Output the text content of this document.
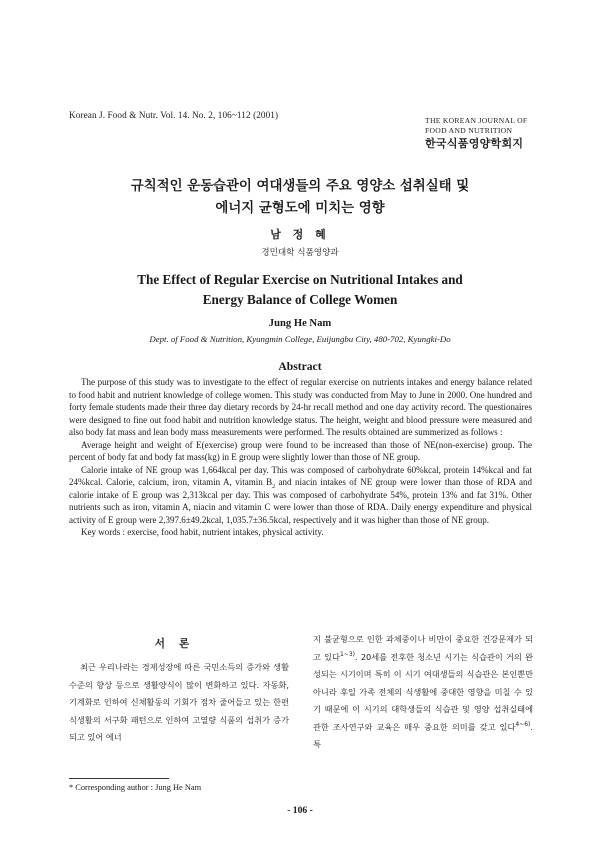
Korean J. Food & Nutr. Vol. 14. No. 2, 106~112 (2001)
THE KOREAN JOURNAL OF
FOOD AND NUTRITION
한국식품영양학회지
규칙적인 운동습관이 여대생들의 주요 영양소 섭취실태 및
에너지 균형도에 미치는 영향
남 정 혜
경민대학 식품영양과
The Effect of Regular Exercise on Nutritional Intakes and
Energy Balance of College Women
Jung He Nam
Dept. of Food & Nutrition, Kyungmin College, Euijungbu City, 480-702, Kyungki-Do
Abstract

The purpose of this study was to investigate to the effect of regular exercise on nutrients intakes and energy balance related to food habit and nutrient knowledge of college women. This study was conducted from May to June in 2000. One hundred and forty female students made their three day dietary records by 24-hr recall method and one day activity record. The questionaires were designed to fine out food habit and nutrition knowledge status. The height, weight and blood pressure were measured and also body fat mass and lean body mass measurements were performed. The results obtained are summerized as follows :

Average height and weight of E(exercise) group were found to be increased than those of NE(non-exercise) group. The percent of body fat and body fat mass(kg) in E group were slightly lower than those of NE group.

Calorie intake of NE group was 1,664kcal per day. This was composed of carbohydrate 60%kcal, protein 14%kcal and fat 24%kcal. Calorie, calcium, iron, vitamin A, vitamin $B_2$ and niacin intakes of NE group were lower than those of RDA and calorie intake of E group was 2,313kcal per day. This was composed of carbohydrate 54%, protein 13% and fat 31%. Other nutrients such as iron, vitamin A, niacin and vitamin C were lower than those of RDA. Daily energy expenditure and physical activity of E group were 2,397.6±49.2kcal, 1,035.7±36.5kcal, respectively and it was higher than those of NE group.

Key words : exercise, food habit, nutrient intakes, physical activity.

서론
최근 우리나라는 경제성장에 따른 국민소득의 증가와 생활수준의 향상 등으로 생활양식이 많이 변화하고 있다. 자동화, 기계화로 인하여 신체활동의 기회가 점차 줄어들고 있는 한편 식생활의 서구화 패턴으로 인하여 고열량 식품의 섭취가 증가되고 있어 에너
지 불균형으로 인한 과체중이나 비만이 중요한 건강문제가 되고 있다$^{1\sim 3)}$. 20세를 전후한 청소년 시기는 식습관이 거의 완성되는 시기이며 특히 이 시기 여대생들의 식습관은 본인뿐만 아니라 후일 가족 전체의 식생활에 중대한 영향을 미칠 수 있기 때문에 이 시기의 대학생들의 식습관 및 영양 섭취실태에 관한 조사연구와 교육은 매우 중요한 의미를 갖고 있다$^{4\sim 6)}$. 특
* Corresponding author : Jung He Nam
- 106 -
